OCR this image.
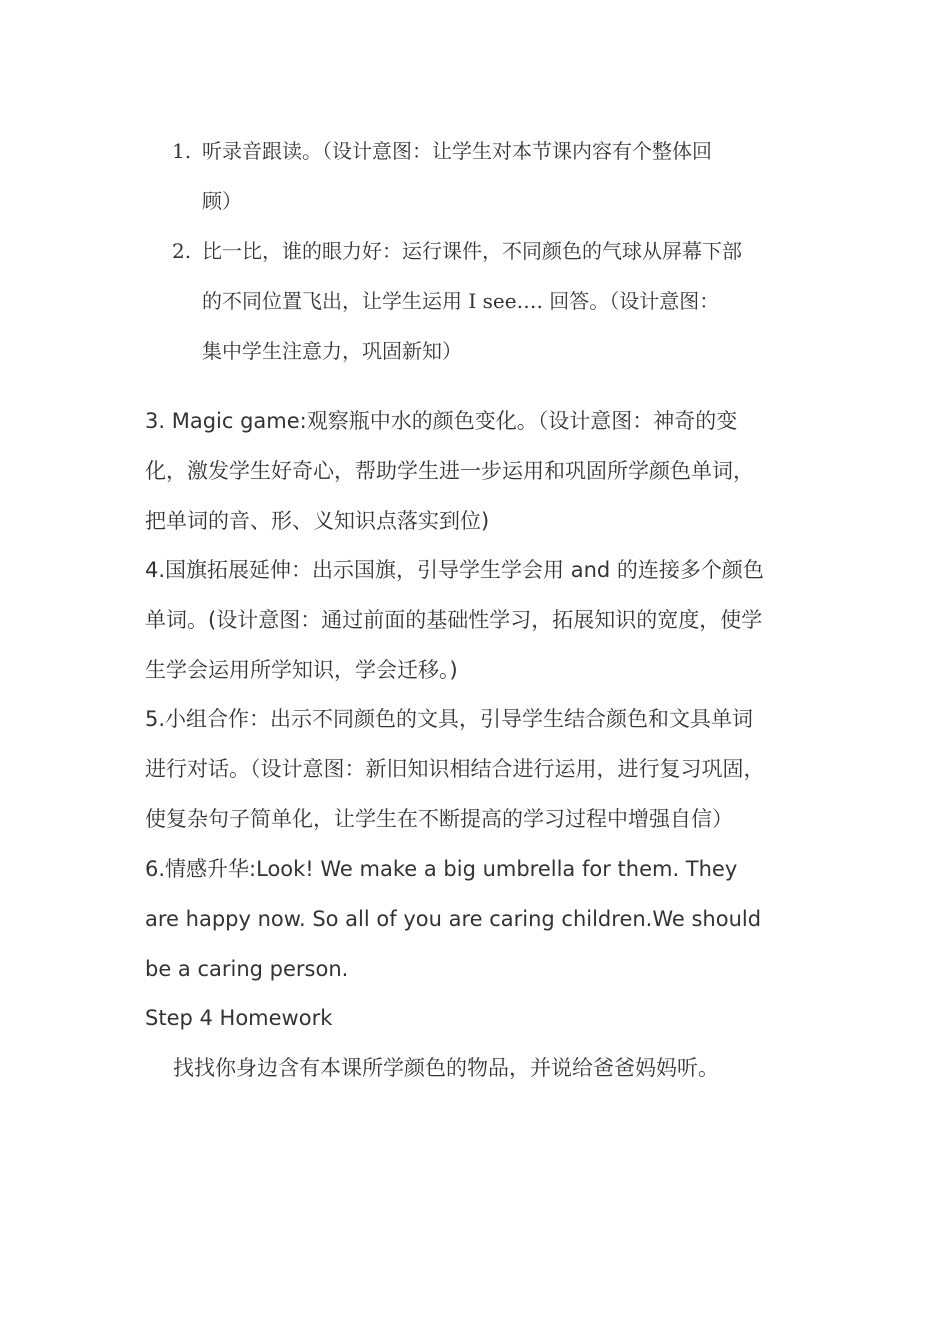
1. 听录音跟读。（设计意图：让学生对本节课内容有个整体回
顾）
2. 比一比，谁的眼力好：运行课件，不同颜色的气球从屏幕下部
的不同位置飞出，让学生运用 I see…. 回答。（设计意图：
集中学生注意力，巩固新知）
3. Magic game:观察瓶中水的颜色变化。（设计意图：神奇的变
化，激发学生好奇心，帮助学生进一步运用和巩固所学颜色单词，
把单词的音、形、义知识点落实到位)
4.国旗拓展延伸：出示国旗，引导学生学会用 and 的连接多个颜色
单词。(设计意图：通过前面的基础性学习，拓展知识的宽度，使学
生学会运用所学知识，学会迁移。)
5.小组合作：出示不同颜色的文具，引导学生结合颜色和文具单词
进行对话。（设计意图：新旧知识相结合进行运用，进行复习巩固，
使复杂句子简单化，让学生在不断提高的学习过程中增强自信）
6.情感升华:Look! We make a big umbrella for them. They
are happy now. So all of you are caring children.We should
be a caring person.
Step 4 Homework
找找你身边含有本课所学颜色的物品，并说给爸爸妈妈听。
